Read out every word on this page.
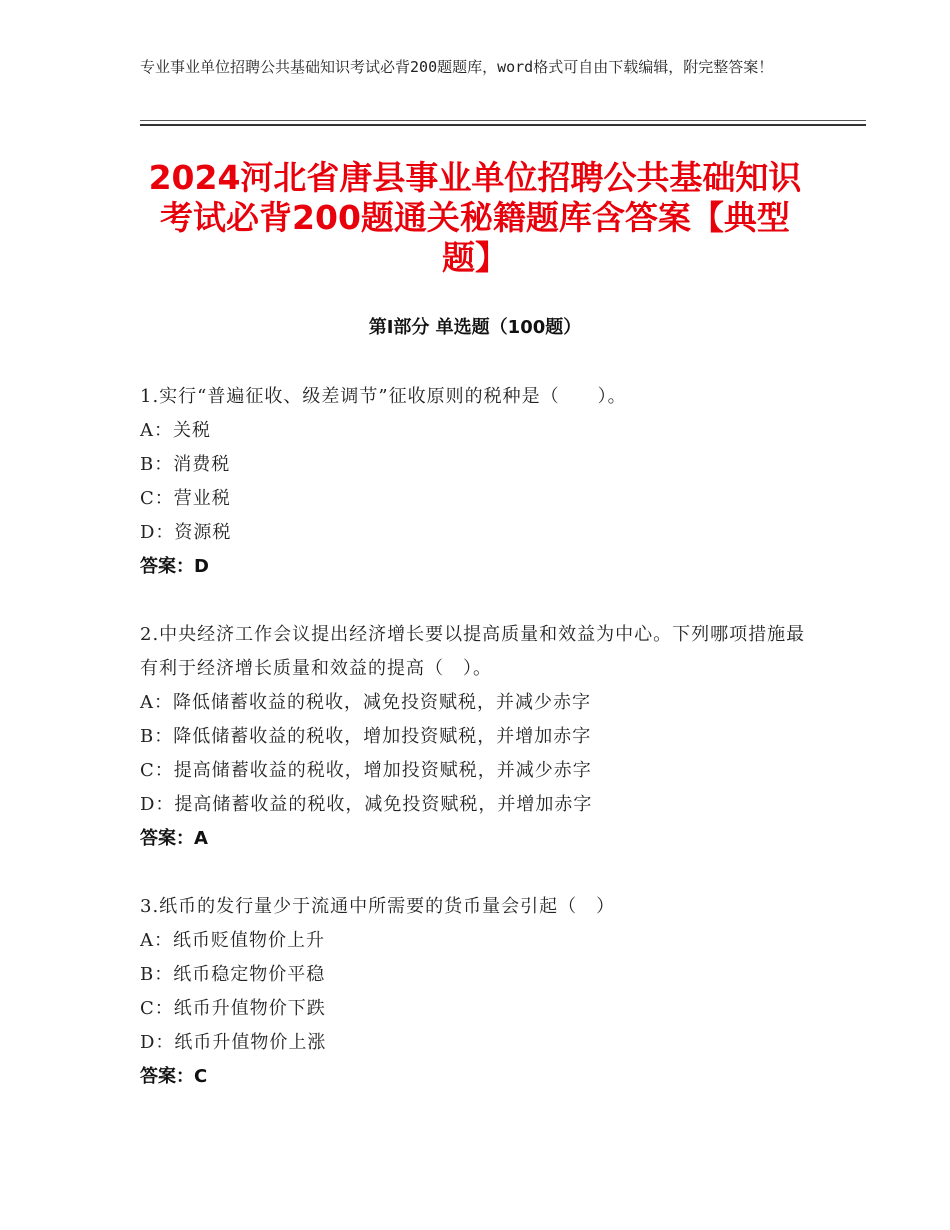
专业事业单位招聘公共基础知识考试必背200题题库，word格式可自由下载编辑，附完整答案！
2024河北省唐县事业单位招聘公共基础知识考试必背200题通关秘籍题库含答案【典型题】
第Ⅰ部分 单选题（100题）
1.实行“普遍征收、级差调节”征收原则的税种是（　　）。
A：关税
B：消费税
C：营业税
D：资源税
答案：D
2.中央经济工作会议提出经济增长要以提高质量和效益为中心。下列哪项措施最有利于经济增长质量和效益的提高（　）。
A：降低储蓄收益的税收，减免投资赋税，并减少赤字
B：降低储蓄收益的税收，增加投资赋税，并增加赤字
C：提高储蓄收益的税收，增加投资赋税，并减少赤字
D：提高储蓄收益的税收，减免投资赋税，并增加赤字
答案：A
3.纸币的发行量少于流通中所需要的货币量会引起（　）
A：纸币贬值物价上升
B：纸币稳定物价平稳
C：纸币升值物价下跌
D：纸币升值物价上涨
答案：C
